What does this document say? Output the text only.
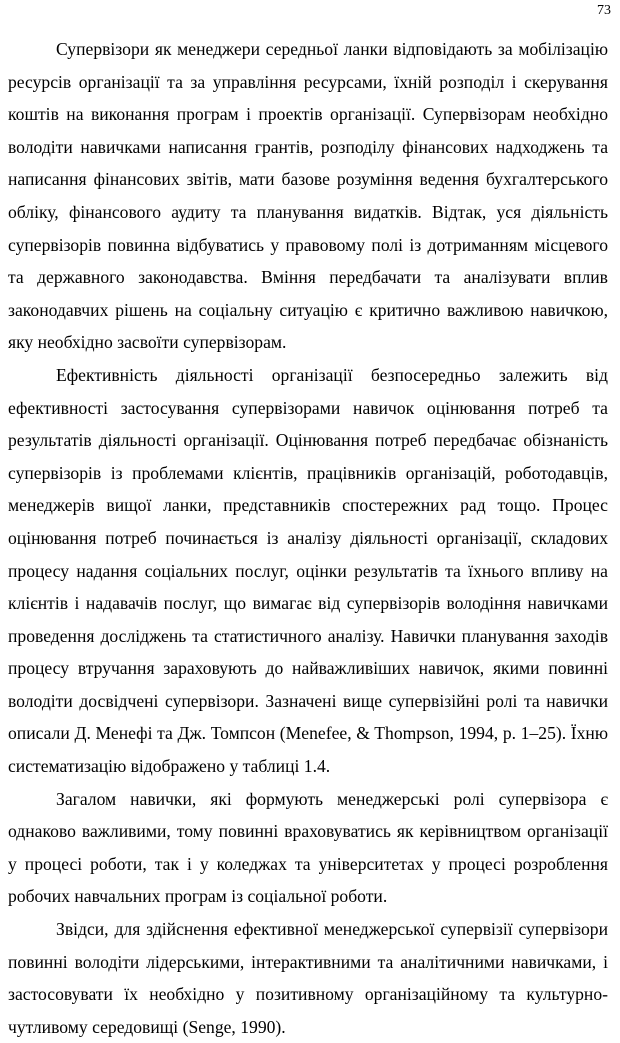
73

Супервізори як менеджери середньої ланки відповідають за мобілізацію ресурсів організації та за управління ресурсами, їхній розподіл і скерування коштів на виконання програм і проектів організації. Супервізорам необхідно володіти навичками написання грантів, розподілу фінансових надходжень та написання фінансових звітів, мати базове розуміння ведення бухгалтерського обліку, фінансового аудиту та планування видатків. Відтак, уся діяльність супервізорів повинна відбуватись у правовому полі із дотриманням місцевого та державного законодавства. Вміння передбачати та аналізувати вплив законодавчих рішень на соціальну ситуацію є критично важливою навичкою, яку необхідно засвоїти супервізорам.

Ефективність діяльності організації безпосередньо залежить від ефективності застосування супервізорами навичок оцінювання потреб та результатів діяльності організації. Оцінювання потреб передбачає обізнаність супервізорів із проблемами клієнтів, працівників організацій, роботодавців, менеджерів вищої ланки, представників спостережних рад тощо. Процес оцінювання потреб починається із аналізу діяльності організації, складових процесу надання соціальних послуг, оцінки результатів та їхнього впливу на клієнтів і надавачів послуг, що вимагає від супервізорів володіння навичками проведення досліджень та статистичного аналізу. Навички планування заходів процесу втручання зараховують до найважливіших навичок, якими повинні володіти досвідчені супервізори. Зазначені вище супервізійні ролі та навички описали Д. Менефі та Дж. Томпсон (Menefee, & Thompson, 1994, p. 1–25). Їхню систематизацію відображено у таблиці 1.4.

Загалом навички, які формують менеджерські ролі супервізора є однаково важливими, тому повинні враховуватись як керівництвом організації у процесі роботи, так і у коледжах та університетах у процесі розроблення робочих навчальних програм із соціальної роботи.

Звідси, для здійснення ефективної менеджерської супервізії супервізори повинні володіти лідерськими, інтерактивними та аналітичними навичками, і застосовувати їх необхідно у позитивному організаційному та культурно-чутливому середовищі (Senge, 1990).
